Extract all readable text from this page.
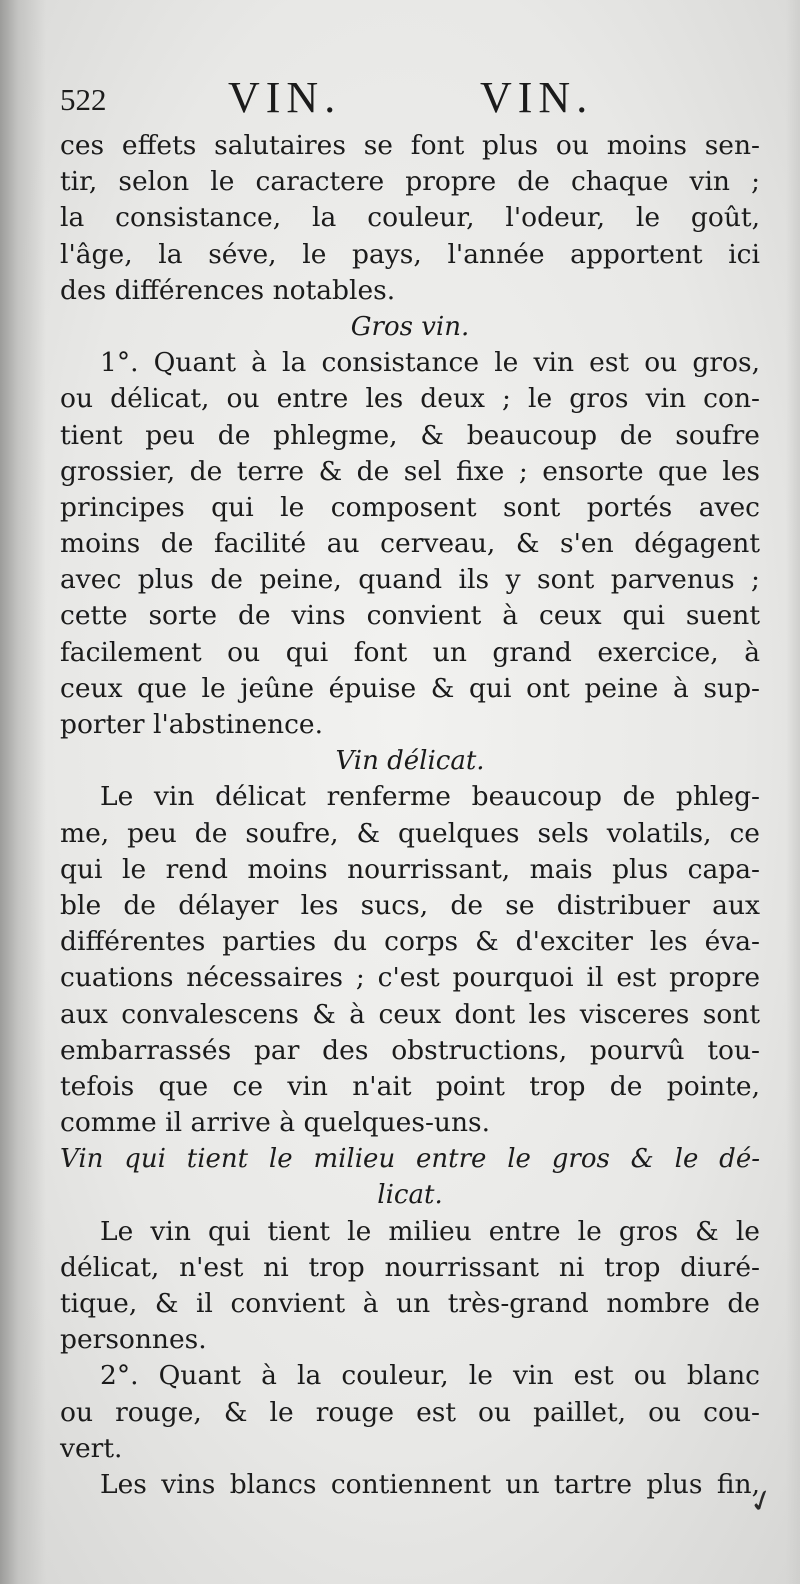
522	VIN.	VIN.
ces effets salutaires se font plus ou moins sen-
tir, selon le caractere propre de chaque vin ;
la consistance, la couleur, l'odeur, le goût,
l'âge, la séve, le pays, l'année apportent ici
des différences notables.
Gros vin.
1°. Quant à la consistance le vin est ou gros,
ou délicat, ou entre les deux ; le gros vin con-
tient peu de phlegme, & beaucoup de soufre
grossier, de terre & de sel fixe ; ensorte que les
principes qui le composent sont portés avec
moins de facilité au cerveau, & s'en dégagent
avec plus de peine, quand ils y sont parvenus ;
cette sorte de vins convient à ceux qui suent
facilement ou qui font un grand exercice, à
ceux que le jeûne épuise & qui ont peine à sup-
porter l'abstinence.
Vin délicat.
Le vin délicat renferme beaucoup de phleg-
me, peu de soufre, & quelques sels volatils, ce
qui le rend moins nourrissant, mais plus capa-
ble de délayer les sucs, de se distribuer aux
différentes parties du corps & d'exciter les éva-
cuations nécessaires ; c'est pourquoi il est propre
aux convalescens & à ceux dont les visceres sont
embarrassés par des obstructions, pourvû tou-
tefois que ce vin n'ait point trop de pointe,
comme il arrive à quelques-uns.
Vin qui tient le milieu entre le gros & le dé-
licat.
Le vin qui tient le milieu entre le gros & le
délicat, n'est ni trop nourrissant ni trop diuré-
tique, & il convient à un très-grand nombre de
personnes.
2°. Quant à la couleur, le vin est ou blanc
ou rouge, & le rouge est ou paillet, ou cou-
vert.
Les vins blancs contiennent un tartre plus fin,
✓
